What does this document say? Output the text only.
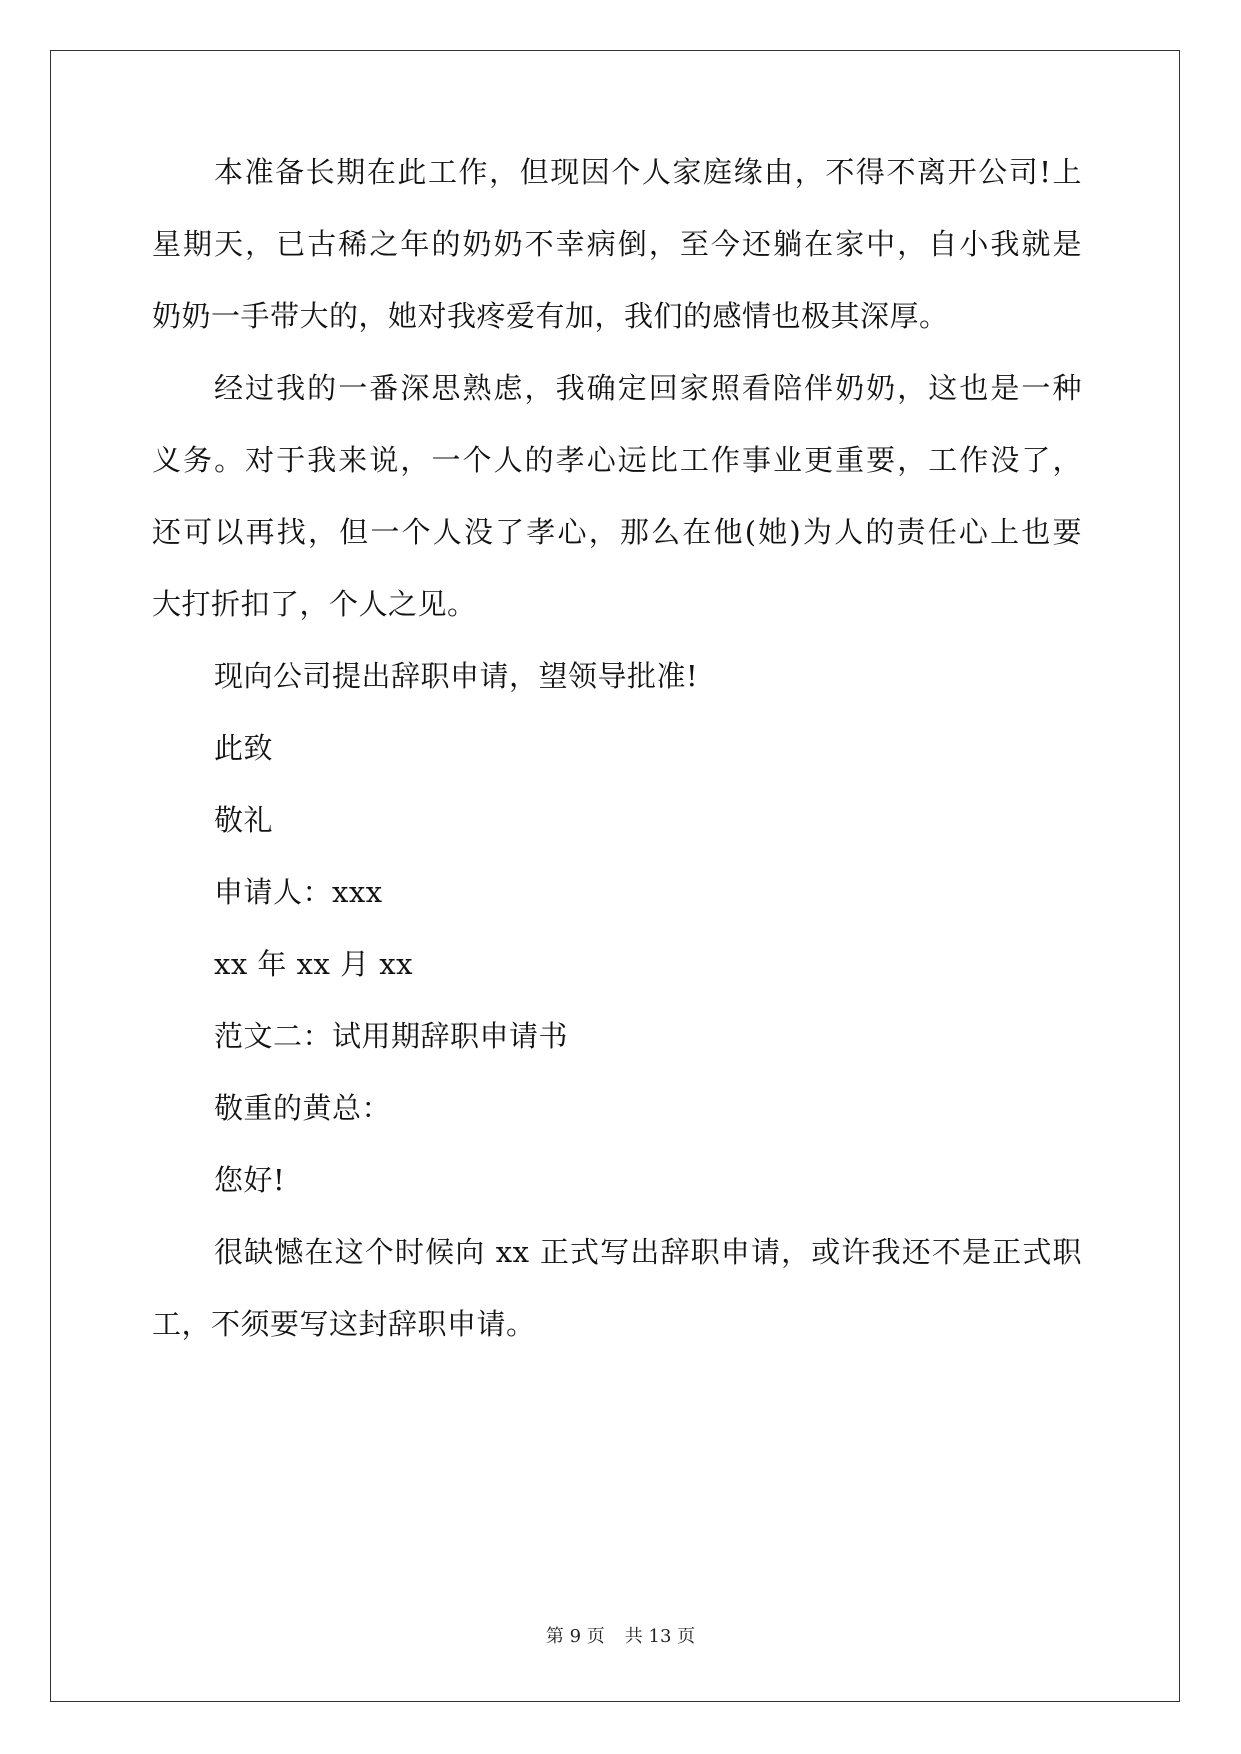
本准备长期在此工作，但现因个人家庭缘由，不得不离开公司!上
星期天，已古稀之年的奶奶不幸病倒，至今还躺在家中，自小我就是
奶奶一手带大的，她对我疼爱有加，我们的感情也极其深厚。
经过我的一番深思熟虑，我确定回家照看陪伴奶奶，这也是一种
义务。对于我来说，一个人的孝心远比工作事业更重要，工作没了，
还可以再找，但一个人没了孝心，那么在他(她)为人的责任心上也要
大打折扣了，个人之见。
现向公司提出辞职申请，望领导批准!
此致
敬礼
申请人：xxx
xx 年 xx 月 xx
范文二：试用期辞职申请书
敬重的黄总：
您好!
很缺憾在这个时候向 xx 正式写出辞职申请，或许我还不是正式职
工，不须要写这封辞职申请。
第 9 页 共 13 页
